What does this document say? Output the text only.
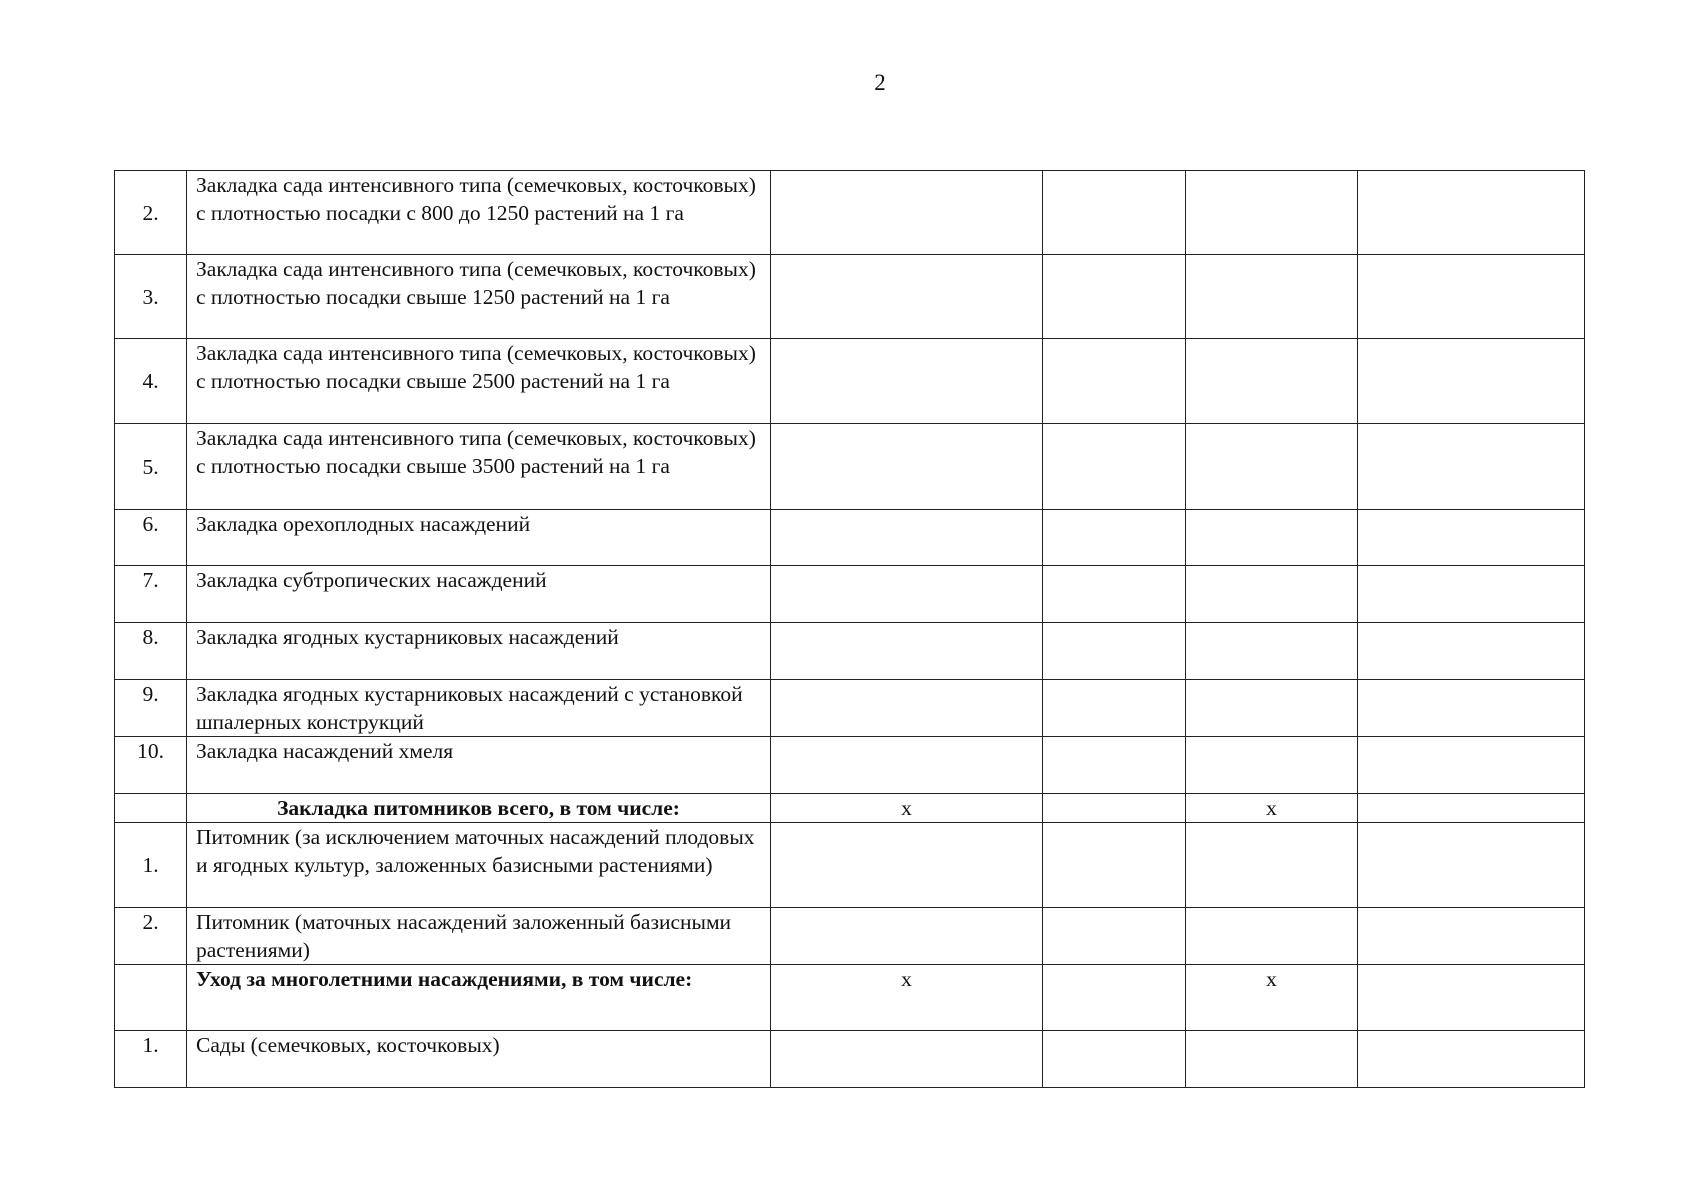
2
2.	Закладка сада интенсивного типа (семечковых, косточковых) с плотностью посадки с 800 до 1250 растений на 1 га				
3.	Закладка сада интенсивного типа (семечковых, косточковых) с плотностью посадки свыше 1250 растений на 1 га				
4.	Закладка сада интенсивного типа (семечковых, косточковых) с плотностью посадки свыше 2500 растений на 1 га				
5.	Закладка сада интенсивного типа (семечковых, косточковых) с плотностью посадки свыше 3500 растений на 1 га				
6.	Закладка орехоплодных насаждений				
7.	Закладка субтропических насаждений				
8.	Закладка ягодных кустарниковых насаждений				
9.	Закладка ягодных кустарниковых насаждений с установкой шпалерных конструкций				
10.	Закладка насаждений хмеля				
	Закладка питомников всего, в том числе:	х		х	
1.	Питомник (за исключением маточных насаждений плодовых и ягодных культур, заложенных базисными растениями)				
2.	Питомник (маточных насаждений заложенный базисными растениями)				
	Уход за многолетними насаждениями, в том числе:	х		х	
1.	Сады (семечковых, косточковых)				
